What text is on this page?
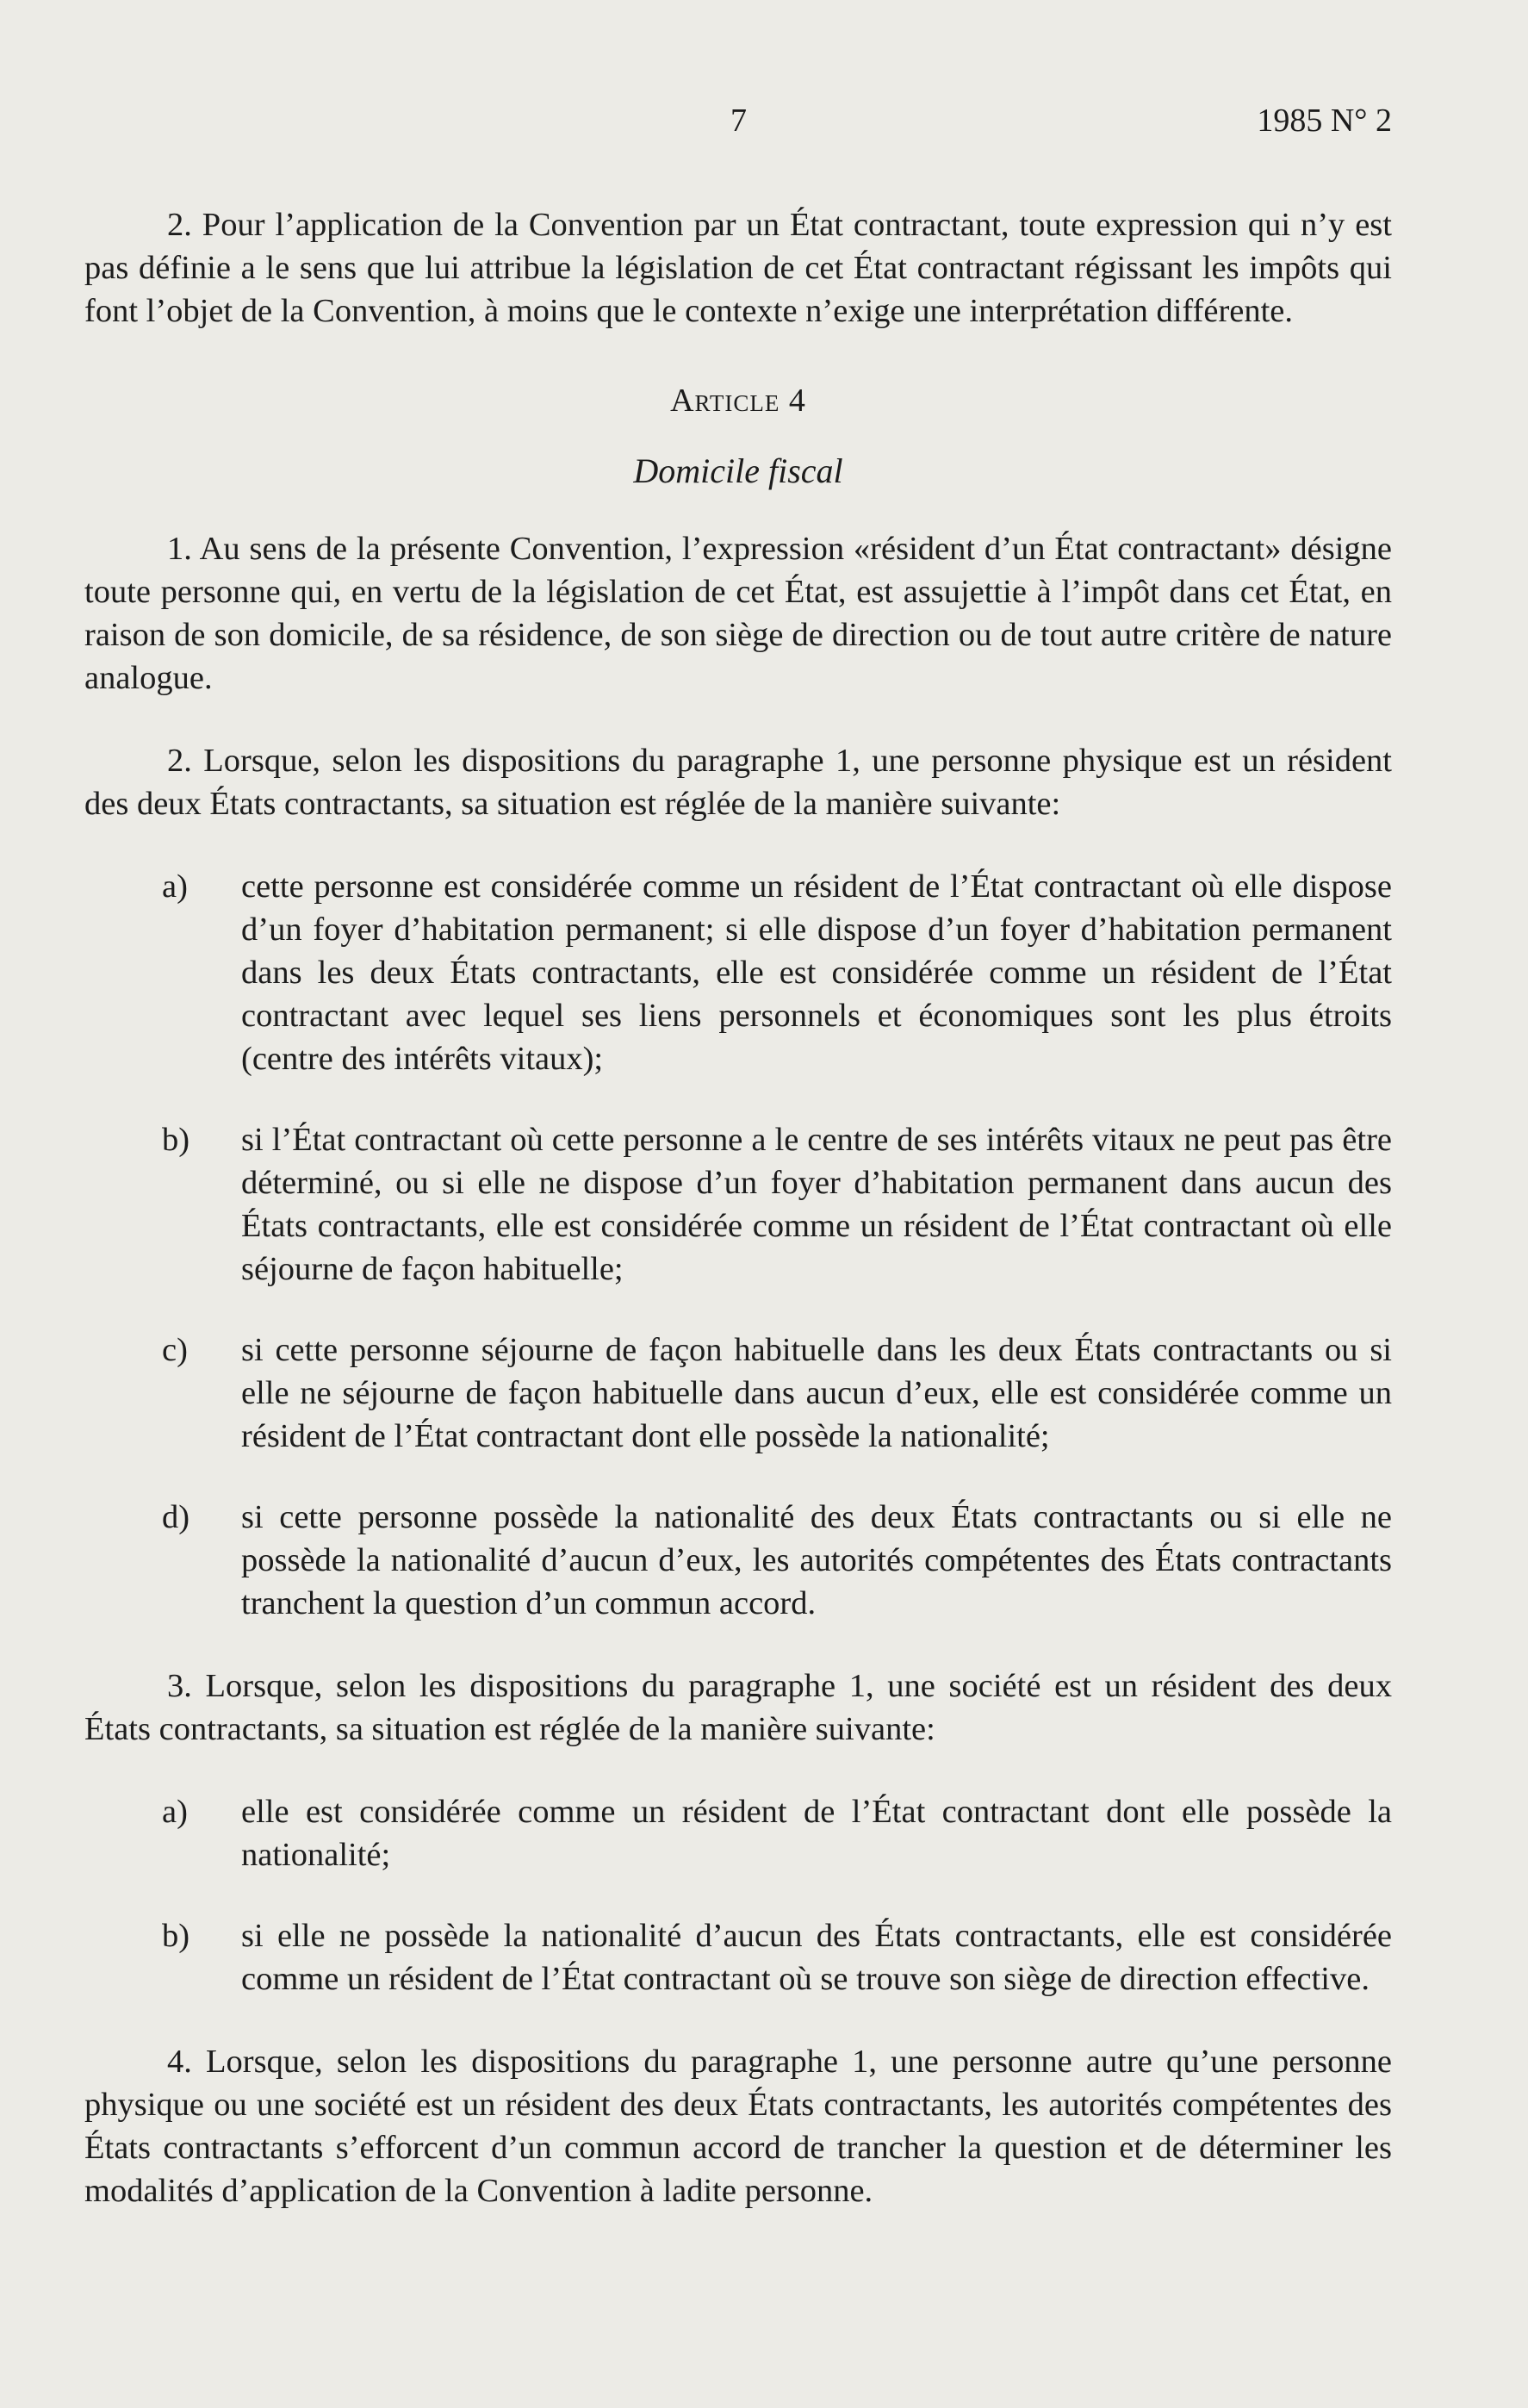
7	1985 N° 2

2. Pour l’application de la Convention par un État contractant, toute expression qui n’y est pas définie a le sens que lui attribue la législation de cet État contractant régissant les impôts qui font l’objet de la Convention, à moins que le contexte n’exige une interprétation différente.

Article 4
Domicile fiscal

1. Au sens de la présente Convention, l’expression «résident d’un État contractant» désigne toute personne qui, en vertu de la législation de cet État, est assujettie à l’impôt dans cet État, en raison de son domicile, de sa résidence, de son siège de direction ou de tout autre critère de nature analogue.

2. Lorsque, selon les dispositions du paragraphe 1, une personne physique est un résident des deux États contractants, sa situation est réglée de la manière suivante:

a)	cette personne est considérée comme un résident de l’État contractant où elle dispose d’un foyer d’habitation permanent; si elle dispose d’un foyer d’habitation permanent dans les deux États contractants, elle est considérée comme un résident de l’État contractant avec lequel ses liens personnels et économiques sont les plus étroits (centre des intérêts vitaux);
b)	si l’État contractant où cette personne a le centre de ses intérêts vitaux ne peut pas être déterminé, ou si elle ne dispose d’un foyer d’habitation permanent dans aucun des États contractants, elle est considérée comme un résident de l’État contractant où elle séjourne de façon habituelle;
c)	si cette personne séjourne de façon habituelle dans les deux États contractants ou si elle ne séjourne de façon habituelle dans aucun d’eux, elle est considérée comme un résident de l’État contractant dont elle possède la nationalité;
d)	si cette personne possède la nationalité des deux États contractants ou si elle ne possède la nationalité d’aucun d’eux, les autorités compétentes des États contractants tranchent la question d’un commun accord.

3. Lorsque, selon les dispositions du paragraphe 1, une société est un résident des deux États contractants, sa situation est réglée de la manière suivante:

a)	elle est considérée comme un résident de l’État contractant dont elle possède la nationalité;
b)	si elle ne possède la nationalité d’aucun des États contractants, elle est considérée comme un résident de l’État contractant où se trouve son siège de direction effective.

4. Lorsque, selon les dispositions du paragraphe 1, une personne autre qu’une personne physique ou une société est un résident des deux États contractants, les autorités compétentes des États contractants s’efforcent d’un commun accord de trancher la question et de déterminer les modalités d’application de la Convention à ladite personne.
